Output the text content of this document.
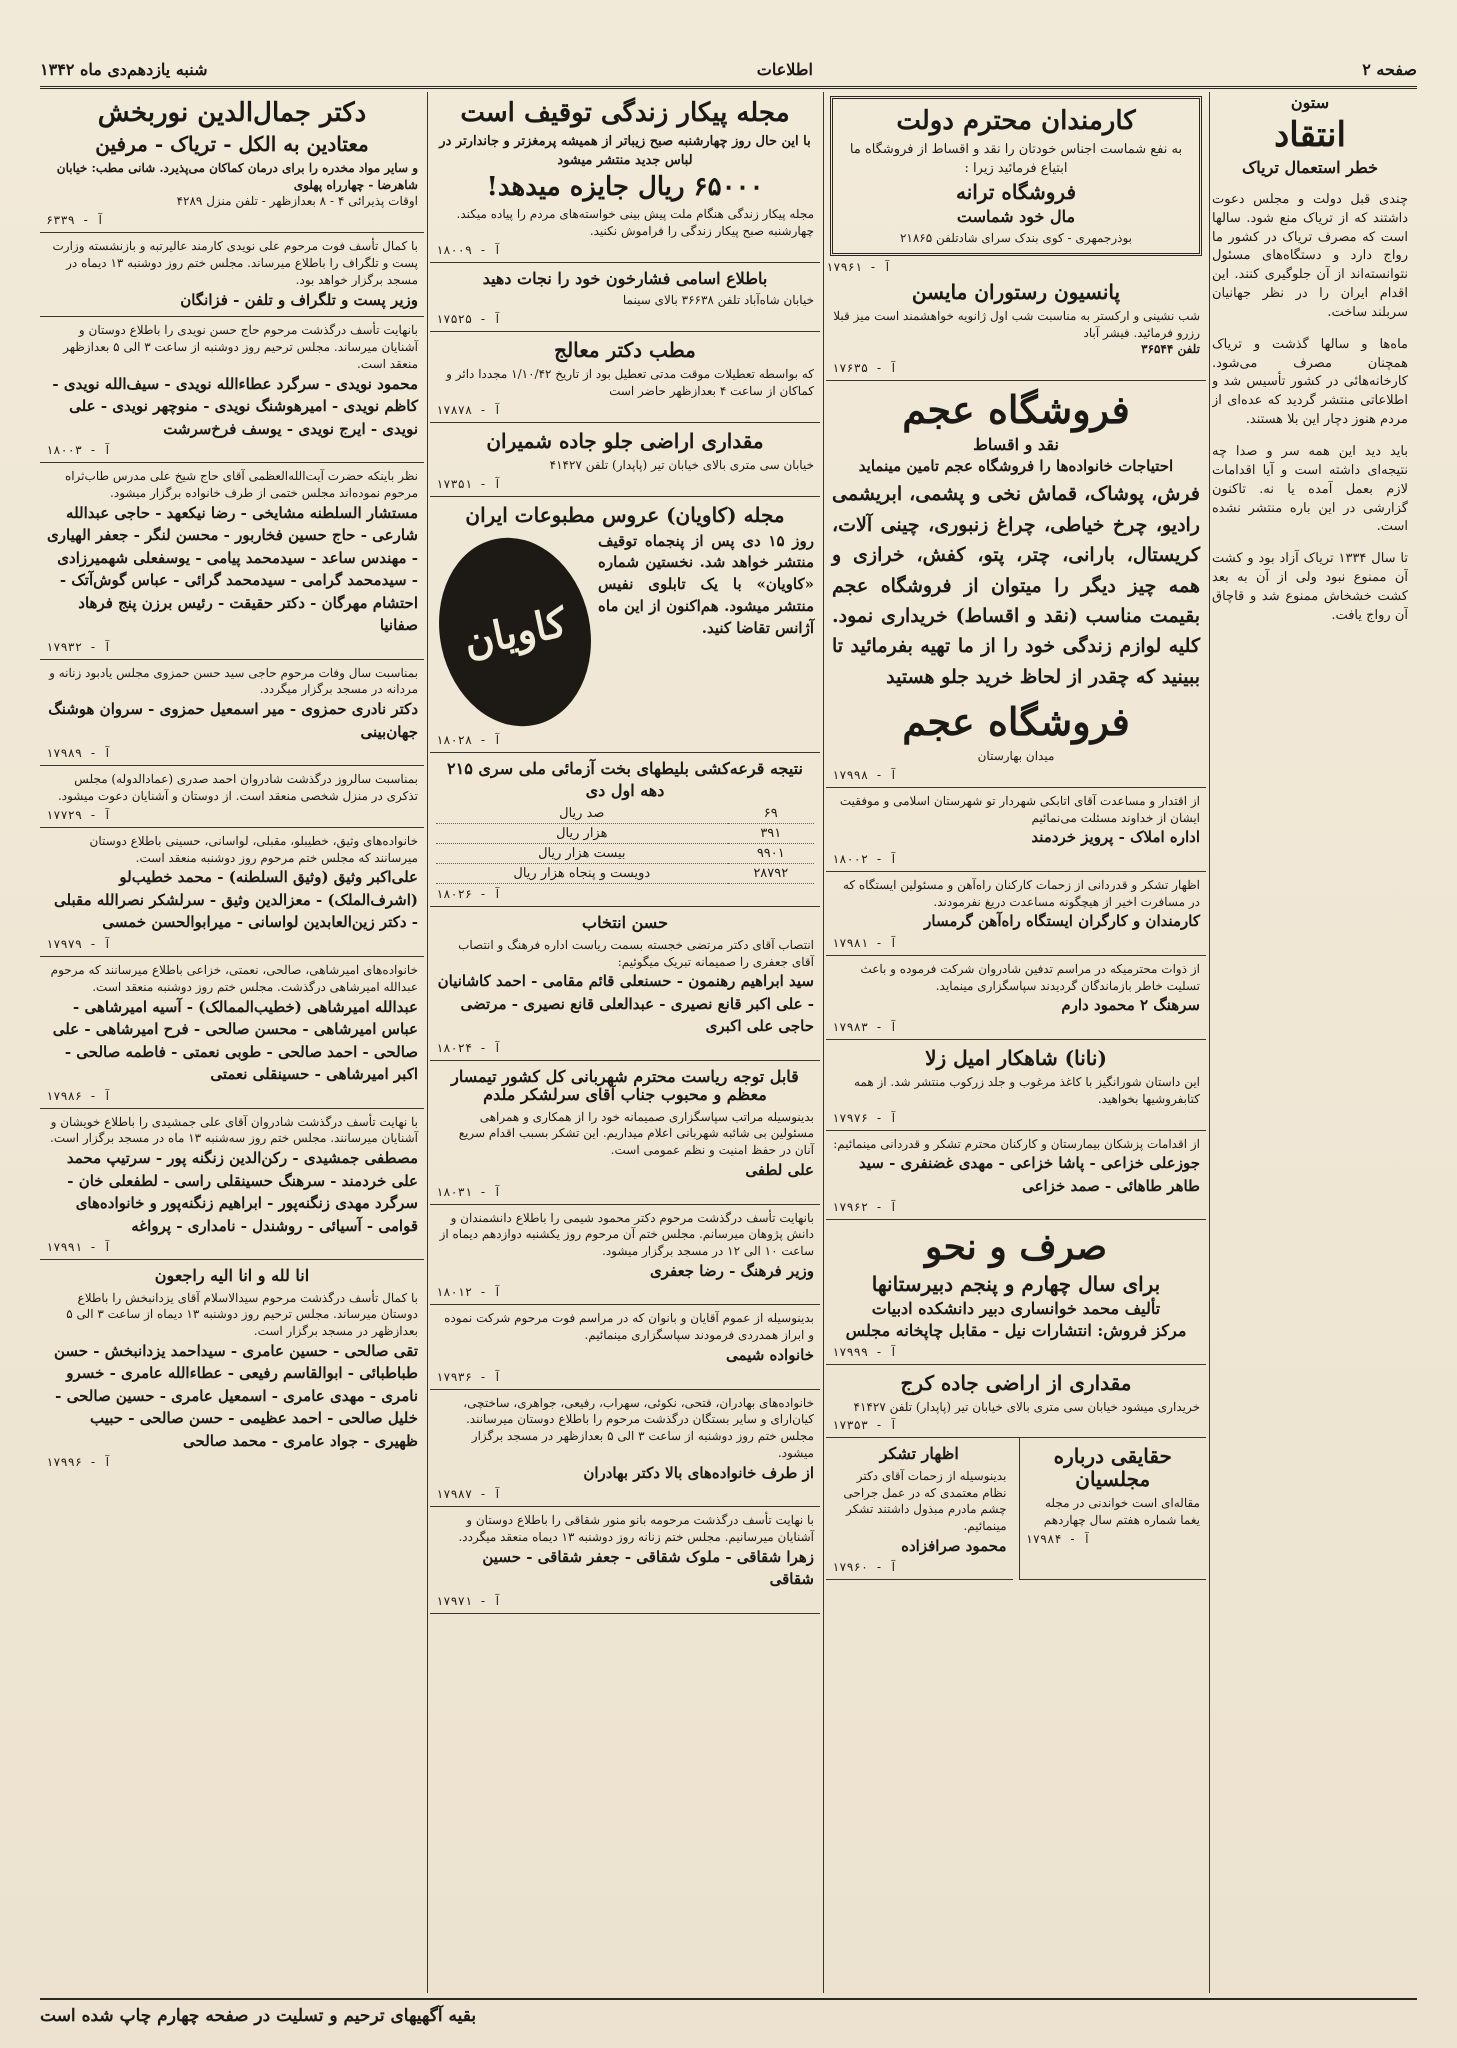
صفحه ۲
اطلاعات
شنبه یازدهم‌دی ماه ۱۳۴۲
ستون
انتقاد
خطر استعمال تریاک

چندی قبل دولت و مجلس دعوت داشتند که از تریاک منع شود. سالها است که مصرف تریاک در کشور ما رواج دارد و دستگاه‌های مسئول نتوانسته‌اند از آن جلوگیری کنند. این اقدام ایران را در نظر جهانیان سربلند ساخت.

ماه‌ها و سالها گذشت و تریاک همچنان مصرف می‌شود. کارخانه‌هائی در کشور تأسیس شد و اطلاعاتی منتشر گردید که عده‌ای از مردم هنوز دچار این بلا هستند.

باید دید این همه سر و صدا چه نتیجه‌ای داشته است و آیا اقدامات لازم بعمل آمده یا نه. تاکنون گزارشی در این باره منتشر نشده است.

تا سال ۱۳۳۴ تریاک آزاد بود و کشت آن ممنوع نبود ولی از آن به بعد کشت خشخاش ممنوع شد و قاچاق آن رواج یافت.

کارمندان محترم دولت
به نفع شماست اجناس خودتان را نقد و اقساط از فروشگاه ما ابتیاع فرمائید زیرا :
فروشگاه ترانه
مال خود شماست
بوذرجمهری - کوی بندک سرای شادتلفن ۲۱۸۶۵
آ - ۱۷۹۶۱
پانسیون رستوران مایسن
شب نشینی و ارکستر به مناسبت شب اول ژانویه خواهشمند است میز قبلا رزرو فرمائید. فیشر آباد
تلفن ۳۶۵۴۴
آ - ۱۷۶۳۵
فروشگاه عجم
نقد و اقساط
احتیاجات خانواده‌ها را فروشگاه عجم تامین مینماید
فرش، پوشاک، قماش نخی و پشمی، ابریشمی رادیو، چرخ خیاطی، چراغ زنبوری، چینی آلات، کریستال، بارانی، چتر، پتو، کفش، خرازی و همه چیز دیگر را میتوان از فروشگاه عجم بقیمت مناسب (نقد و اقساط) خریداری نمود. کلیه لوازم زندگی خود را از ما تهیه بفرمائید تا ببینید که چقدر از لحاظ خرید جلو هستید
فروشگاه عجم
میدان بهارستان
آ - ۱۷۹۹۸
از اقتدار و مساعدت آقای اتابکی شهردار تو شهرستان اسلامی و موفقیت ایشان از خداوند مسئلت می‌نمائیم
اداره املاک - پرویز خردمند
آ - ۱۸۰۰۲
اظهار تشکر و قدردانی از زحمات کارکنان راه‌آهن و مسئولین ایستگاه که در مسافرت اخیر از هیچگونه مساعدت دریغ نفرمودند.
کارمندان و کارگران ایستگاه راه‌آهن گرمسار
آ - ۱۷۹۸۱
از ذوات محترمیکه در مراسم تدفین شادروان شرکت فرموده و باعث تسلیت خاطر بازماندگان گردیدند سپاسگزاری مینماید.
سرهنگ ۲ محمود دارم
آ - ۱۷۹۸۳
(نانا) شاهکار امیل زلا
این داستان شورانگیز با کاغذ مرغوب و جلد زرکوب منتشر شد. از همه کتابفروشیها بخواهید.
آ - ۱۷۹۷۶
از اقدامات پزشکان بیمارستان و کارکنان محترم تشکر و قدردانی مینمائیم:
جوزعلی خزاعی - پاشا خزاعی - مهدی غضنفری - سید طاهر طاهائی - صمد خزاعی
آ - ۱۷۹۶۲
صرف و نحو
برای سال چهارم و پنجم دبیرستانها
تألیف محمد خوانساری دبیر دانشکده ادبیات
مرکز فروش: انتشارات نیل - مقابل چاپخانه مجلس
آ - ۱۷۹۹۹
مقداری از اراضی جاده کرج
خریداری میشود خیابان سی متری بالای خیابان تیر (پاپدار) تلفن ۴۱۴۲۷
آ - ۱۷۳۵۳
حقایقی درباره مجلسیان
مقاله‌ای است خواندنی در مجله یغما شماره هفتم سال چهاردهم
آ - ۱۷۹۸۴
اظهار تشکر
بدینوسیله از زحمات آقای دکتر نظام معتمدی که در عمل جراحی چشم مادرم مبذول داشتند تشکر مینمائیم.
محمود صرافزاده
آ - ۱۷۹۶۰
مجله پیکار زندگی توقیف است
با این حال روز چهارشنبه صبح زیباتر از همیشه پرمغزتر و جاندارتر در لباس جدید منتشر میشود
۶۵۰۰۰ ریال جایزه میدهد!
مجله پیکار زندگی هنگام ملت پیش بینی خواسته‌های مردم را پیاده میکند. چهارشنبه صبح پیکار زندگی را فراموش نکنید.
آ - ۱۸۰۰۹
باطلاع اسامی فشارخون خود را نجات دهید
خیابان شاه‌آباد تلفن ۳۶۶۳۸ بالای سینما
آ - ۱۷۵۲۵
مطب دکتر معالج
که بواسطه تعطیلات موقت مدتی تعطیل بود از تاریخ ۱/۱۰/۴۲ مجددا دائر و کماکان از ساعت ۴ بعدازظهر حاضر است
آ - ۱۷۸۷۸
مقداری اراضی جلو جاده شمیران
خیابان سی متری بالای خیابان تیر (پاپدار) تلفن ۴۱۴۲۷
آ - ۱۷۳۵۱
مجله (کاویان) عروس مطبوعات ایران
کاویان
روز ۱۵ دی پس از پنجماه توقیف منتشر خواهد شد. نخستین شماره «کاویان» با یک تابلوی نفیس منتشر میشود. هم‌اکنون از این ماه آژانس تقاضا کنید.
آ - ۱۸۰۲۸
نتیجه قرعه‌کشی بلیطهای بخت آزمائی ملی سری ۲۱۵
دهه اول دی
۶۹	صد ریال
۳۹۱	هزار ریال
۹۹۰۱	بیست هزار ریال
۲۸۷۹۲	دویست و پنجاه هزار ریال
آ - ۱۸۰۲۶
حسن انتخاب
انتصاب آقای دکتر مرتضی خجسته بسمت ریاست اداره فرهنگ و انتصاب آقای جعفری را صمیمانه تبریک میگوئیم:
سید ابراهیم رهنمون - حسنعلی قائم مقامی - احمد کاشانیان - علی اکبر قانع نصیری - عبدالعلی قانع نصیری - مرتضی حاجی علی اکبری
آ - ۱۸۰۲۴
قابل توجه ریاست محترم شهربانی کل کشور تیمسار معظم و محبوب جناب آقای سرلشکر ملدم
بدینوسیله مراتب سپاسگزاری صمیمانه خود را از همکاری و همراهی مسئولین بی شائبه شهربانی اعلام میداریم. این تشکر بسبب اقدام سریع آنان در حفظ امنیت و نظم عمومی است.
علی لطفی
آ - ۱۸۰۳۱
بانهایت تأسف درگذشت مرحوم دکتر محمود شیمی را باطلاع دانشمندان و دانش پژوهان میرسانم. مجلس ختم آن مرحوم روز یکشنبه دوازدهم دیماه از ساعت ۱۰ الی ۱۲ در مسجد برگزار میشود.
وزیر فرهنگ - رضا جعفری
آ - ۱۸۰۱۲
بدینوسیله از عموم آقایان و بانوان که در مراسم فوت مرحوم شرکت نموده و ابراز همدردی فرمودند سپاسگزاری مینمائیم.
خانواده شیمی
آ - ۱۷۹۳۶
خانواده‌های بهادران، فتحی، نکوئی، سهراب، رفیعی، جواهری، ساختچی، کیان‌ارای و سایر بستگان درگذشت مرحوم را باطلاع دوستان میرسانند. مجلس ختم روز دوشنبه از ساعت ۳ الی ۵ بعدازظهر در مسجد برگزار میشود.
از طرف خانواده‌های بالا دکتر بهادران
آ - ۱۷۹۸۷
با نهایت تأسف درگذشت مرحومه بانو منور شقاقی را باطلاع دوستان و آشنایان میرسانیم. مجلس ختم زنانه روز دوشنبه ۱۳ دیماه منعقد میگردد.
زهرا شقاقی - ملوک شقاقی - جعفر شقاقی - حسین شقاقی
آ - ۱۷۹۷۱
دکتر جمال‌الدین نوربخش
معتادین به الکل - تریاک - مرفین
و سایر مواد مخدره را برای درمان کماکان می‌پذیرد. شانی مطب: خیابان شاهرضا - چهارراه پهلوی
اوقات پذیرائی ۴ - ۸ بعدازظهر - تلفن منزل ۴۲۸۹
آ - ۶۳۳۹
با کمال تأسف فوت مرحوم علی نویدی کارمند عالیرتبه و بازنشسته وزارت پست و تلگراف را باطلاع میرساند. مجلس ختم روز دوشنبه ۱۳ دیماه در مسجد برگزار خواهد بود.
وزیر پست و تلگراف و تلفن - فزانگان
بانهایت تأسف درگذشت مرحوم حاج حسن نویدی را باطلاع دوستان و آشنایان میرساند. مجلس ترحیم روز دوشنبه از ساعت ۳ الی ۵ بعدازظهر منعقد است.
محمود نویدی - سرگرد عطاءالله نویدی - سیف‌الله نویدی - کاظم نویدی - امیرهوشنگ نویدی - منوچهر نویدی - علی نویدی - ایرج نویدی - یوسف فرخ‌سرشت
آ - ۱۸۰۰۳
نظر باینکه حضرت آیت‌الله‌العظمی آقای حاج شیخ علی مدرس طاب‌ثراه مرحوم نموده‌اند مجلس ختمی از طرف خانواده برگزار میشود.
مستشار السلطنه مشایخی - رضا نیکعهد - حاجی عبدالله شارعی - حاج حسین فخاربور - محسن لنگر - جعفر الهیاری - مهندس ساعد - سیدمحمد پیامی - یوسفعلی شهمیرزادی - سیدمحمد گرامی - سیدمحمد گرائی - عباس گوش‌آتک - احتشام مهرگان - دکتر حقیقت - رئیس برزن پنج فرهاد صفانیا
آ - ۱۷۹۳۲
بمناسبت سال وفات مرحوم حاجی سید حسن حمزوی مجلس یادبود زنانه و مردانه در مسجد برگزار میگردد.
دکتر نادری حمزوی - میر اسمعیل حمزوی - سروان هوشنگ جهان‌بینی
آ - ۱۷۹۸۹
بمناسبت سالروز درگذشت شادروان احمد صدری (عمادالدوله) مجلس تذکری در منزل شخصی منعقد است. از دوستان و آشنایان دعوت میشود.
آ - ۱۷۷۲۹
خانواده‌های وثیق، خطیبلو، مقبلی، لواسانی، حسینی باطلاع دوستان میرسانند که مجلس ختم مرحوم روز دوشنبه منعقد است.
علی‌اکبر وثیق (وثیق السلطنه) - محمد خطیب‌لو (اشرف‌الملک) - معزالدین وثیق - سرلشکر نصرالله مقبلی - دکتر زین‌العابدین لواسانی - میرابوالحسن خمسی
آ - ۱۷۹۷۹
خانواده‌های امیرشاهی، صالحی، نعمتی، خزاعی باطلاع میرسانند که مرحوم عبدالله امیرشاهی درگذشت. مجلس ختم روز دوشنبه منعقد است.
عبدالله امیرشاهی (خطیب‌الممالک) - آسیه امیرشاهی - عباس امیرشاهی - محسن صالحی - فرح امیرشاهی - علی صالحی - احمد صالحی - طوبی نعمتی - فاطمه صالحی - اکبر امیرشاهی - حسینقلی نعمتی
آ - ۱۷۹۸۶
با نهایت تأسف درگذشت شادروان آقای علی جمشیدی را باطلاع خویشان و آشنایان میرسانند. مجلس ختم روز سه‌شنبه ۱۳ ماه در مسجد برگزار است.
مصطفی جمشیدی - رکن‌الدین زنگنه پور - سرتیپ محمد علی خردمند - سرهنگ حسینقلی راسی - لطفعلی خان - سرگرد مهدی زنگنه‌پور - ابراهیم زنگنه‌پور و خانواده‌های قوامی - آسیائی - روشندل - نامداری - پرواغه
آ - ۱۷۹۹۱
انا لله و انا الیه راجعون
با کمال تأسف درگذشت مرحوم سیدالاسلام آقای یزدانبخش را باطلاع دوستان میرساند. مجلس ترحیم روز دوشنبه ۱۳ دیماه از ساعت ۳ الی ۵ بعدازظهر در مسجد برگزار است.
تقی صالحی - حسین عامری - سیداحمد یزدانبخش - حسن طباطبائی - ابوالقاسم رفیعی - عطاءالله عامری - خسرو نامری - مهدی عامری - اسمعیل عامری - حسین صالحی - خلیل صالحی - احمد عظیمی - حسن صالحی - حبیب ظهیری - جواد عامری - محمد صالحی
آ - ۱۷۹۹۶
بقیه آگهیهای ترحیم و تسلیت در صفحه چهارم چاپ شده است
